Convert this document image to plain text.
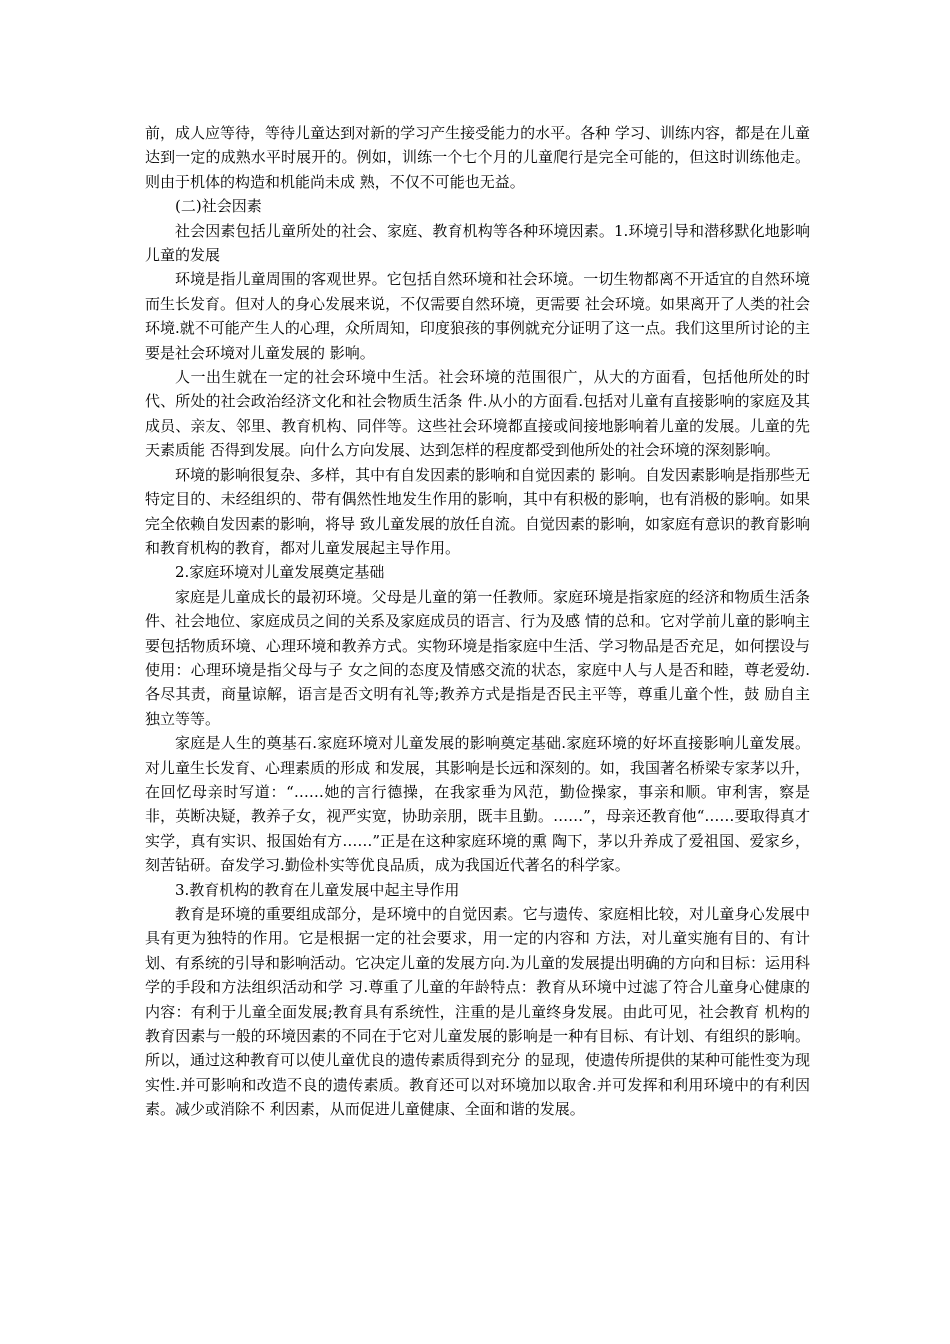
前，成人应等待，等待儿童达到对新的学习产生接受能力的水平。各种 学习、训练内容，都是在儿童达到一定的成熟水平时展开的。例如，训练一个七个月的儿童爬行是完全可能的，但这时训练他走。则由于机体的构造和机能尚未成 熟，不仅不可能也无益。

(二)社会因素

社会因素包括儿童所处的社会、家庭、教育机构等各种环境因素。1.环境引导和潜移默化地影响儿童的发展

环境是指儿童周围的客观世界。它包括自然环境和社会环境。一切生物都离不开适宜的自然环境而生长发育。但对人的身心发展来说，不仅需要自然环境，更需要 社会环境。如果离开了人类的社会环境.就不可能产生人的心理，众所周知，印度狼孩的事例就充分证明了这一点。我们这里所讨论的主要是社会环境对儿童发展的 影响。

人一出生就在一定的社会环境中生活。社会环境的范围很广，从大的方面看，包括他所处的时代、所处的社会政治经济文化和社会物质生活条 件.从小的方面看.包括对儿童有直接影响的家庭及其成员、亲友、邻里、教育机构、同伴等。这些社会环境都直接或间接地影响着儿童的发展。儿童的先天素质能 否得到发展。向什么方向发展、达到怎样的程度都受到他所处的社会环境的深刻影响。

环境的影响很复杂、多样，其中有自发因素的影响和自觉因素的 影响。自发因素影响是指那些无特定目的、未经组织的、带有偶然性地发生作用的影响，其中有积极的影响，也有消极的影响。如果完全依赖自发因素的影响，将导 致儿童发展的放任自流。自觉因素的影响，如家庭有意识的教育影响和教育机构的教育，都对儿童发展起主导作用。

2.家庭环境对儿童发展奠定基础

家庭是儿童成长的最初环境。父母是儿童的第一任教师。家庭环境是指家庭的经济和物质生活条件、社会地位、家庭成员之间的关系及家庭成员的语言、行为及感 情的总和。它对学前儿童的影响主要包括物质环境、心理环境和教养方式。实物环境是指家庭中生活、学习物品是否充足，如何摆设与使用：心理环境是指父母与子 女之间的态度及情感交流的状态，家庭中人与人是否和睦，尊老爱幼.各尽其责，商量谅解，语言是否文明有礼等;教养方式是指是否民主平等，尊重儿童个性，鼓 励自主独立等等。

家庭是人生的奠基石.家庭环境对儿童发展的影响奠定基础.家庭环境的好坏直接影响儿童发展。对儿童生长发育、心理素质的形成 和发展，其影响是长远和深刻的。如，我国著名桥梁专家茅以升，在回忆母亲时写道：“……她的言行德操，在我家垂为风范，勤俭操家，事亲和顺。审利害，察是 非，英断决疑，教养子女，视严实宽，协助亲朋，既丰且勤。……”，母亲还教育他“……要取得真才实学，真有实识、报国始有方……”正是在这种家庭环境的熏 陶下，茅以升养成了爱祖国、爱家乡，刻苦钻研。奋发学习.勤俭朴实等优良品质，成为我国近代著名的科学家。

3.教育机构的教育在儿童发展中起主导作用

教育是环境的重要组成部分，是环境中的自觉因素。它与遗传、家庭相比较，对儿童身心发展中具有更为独特的作用。它是根据一定的社会要求，用一定的内容和 方法，对儿童实施有目的、有计划、有系统的引导和影响活动。它决定儿童的发展方向.为儿童的发展提出明确的方向和目标：运用科学的手段和方法组织活动和学 习.尊重了儿童的年龄特点：教育从环境中过滤了符合儿童身心健康的内容：有利于儿童全面发展;教育具有系统性，注重的是儿童终身发展。由此可见，社会教育 机构的教育因素与一般的环境因素的不同在于它对儿童发展的影响是一种有目标、有计划、有组织的影响。所以，通过这种教育可以使儿童优良的遗传素质得到充分 的显现，使遗传所提供的某种可能性变为现实性.并可影响和改造不良的遗传素质。教育还可以对环境加以取舍.并可发挥和利用环境中的有利因素。减少或消除不 利因素，从而促进儿童健康、全面和谐的发展。
